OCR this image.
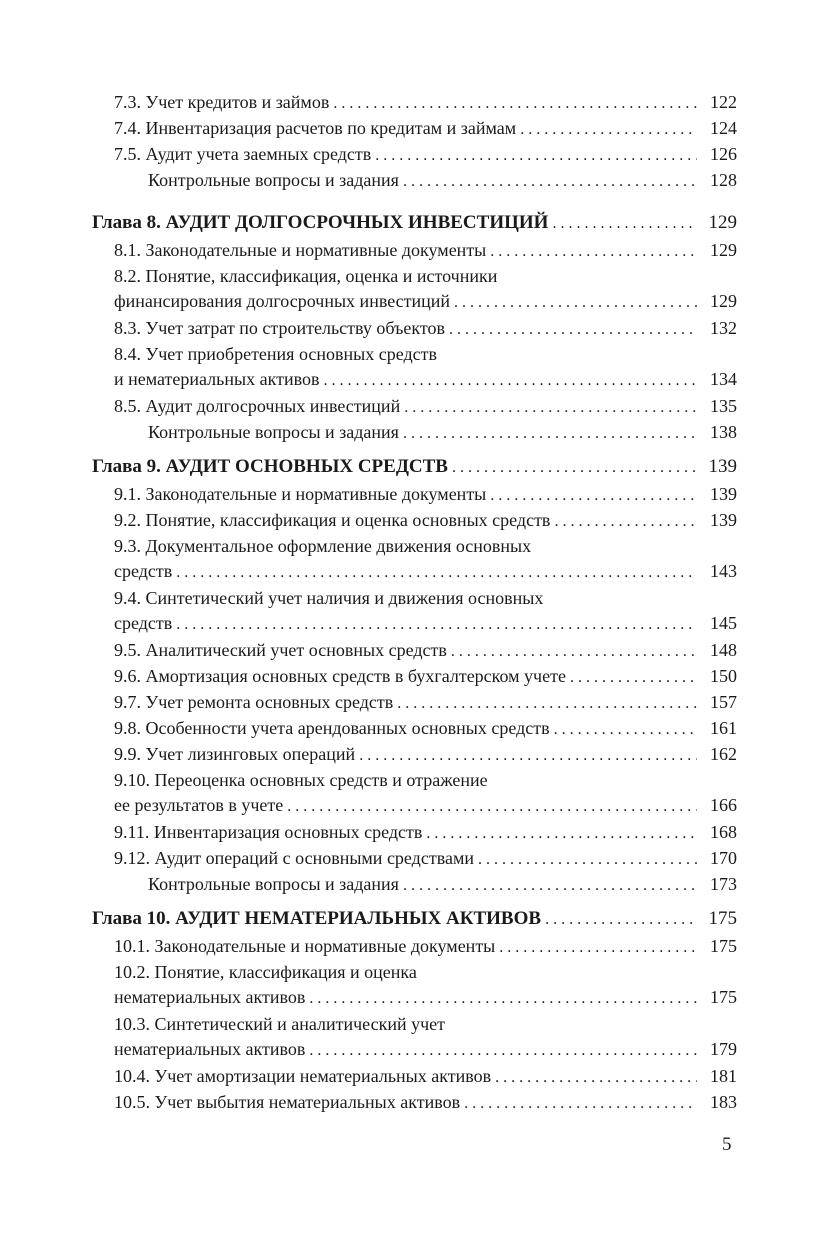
7.3. Учет кредитов и займов . . .	122
7.4. Инвентаризация расчетов по кредитам и займам . . .	124
7.5. Аудит учета заемных средств . . .	126
Контрольные вопросы и задания . . .	128
Глава 8. АУДИТ ДОЛГОСРОЧНЫХ ИНВЕСТИЦИЙ . . .	129
8.1. Законодательные и нормативные документы . . .	129
8.2. Понятие, классификация, оценка и источники
финансирования долгосрочных инвестиций . . .	129
8.3. Учет затрат по строительству объектов . . .	132
8.4. Учет приобретения основных средств
и нематериальных активов . . .	134
8.5. Аудит долгосрочных инвестиций . . .	135
Контрольные вопросы и задания . . .	138
Глава 9. АУДИТ ОСНОВНЫХ СРЕДСТВ . . .	139
9.1. Законодательные и нормативные документы . . .	139
9.2. Понятие, классификация и оценка основных средств . . .	139
9.3. Документальное оформление движения основных
средств . . .	143
9.4. Синтетический учет наличия и движения основных
средств . . .	145
9.5. Аналитический учет основных средств . . .	148
9.6. Амортизация основных средств в бухгалтерском учете . . .	150
9.7. Учет ремонта основных средств . . .	157
9.8. Особенности учета арендованных основных средств . . .	161
9.9. Учет лизинговых операций . . .	162
9.10. Переоценка основных средств и отражение
ее результатов в учете . . .	166
9.11. Инвентаризация основных средств . . .	168
9.12. Аудит операций с основными средствами . . .	170
Контрольные вопросы и задания . . .	173
Глава 10. АУДИТ НЕМАТЕРИАЛЬНЫХ АКТИВОВ . . .	175
10.1. Законодательные и нормативные документы . . .	175
10.2. Понятие, классификация и оценка
нематериальных активов . . .	175
10.3. Синтетический и аналитический учет
нематериальных активов . . .	179
10.4. Учет амортизации нематериальных активов . . .	181
10.5. Учет выбытия нематериальных активов . . .	183
5
